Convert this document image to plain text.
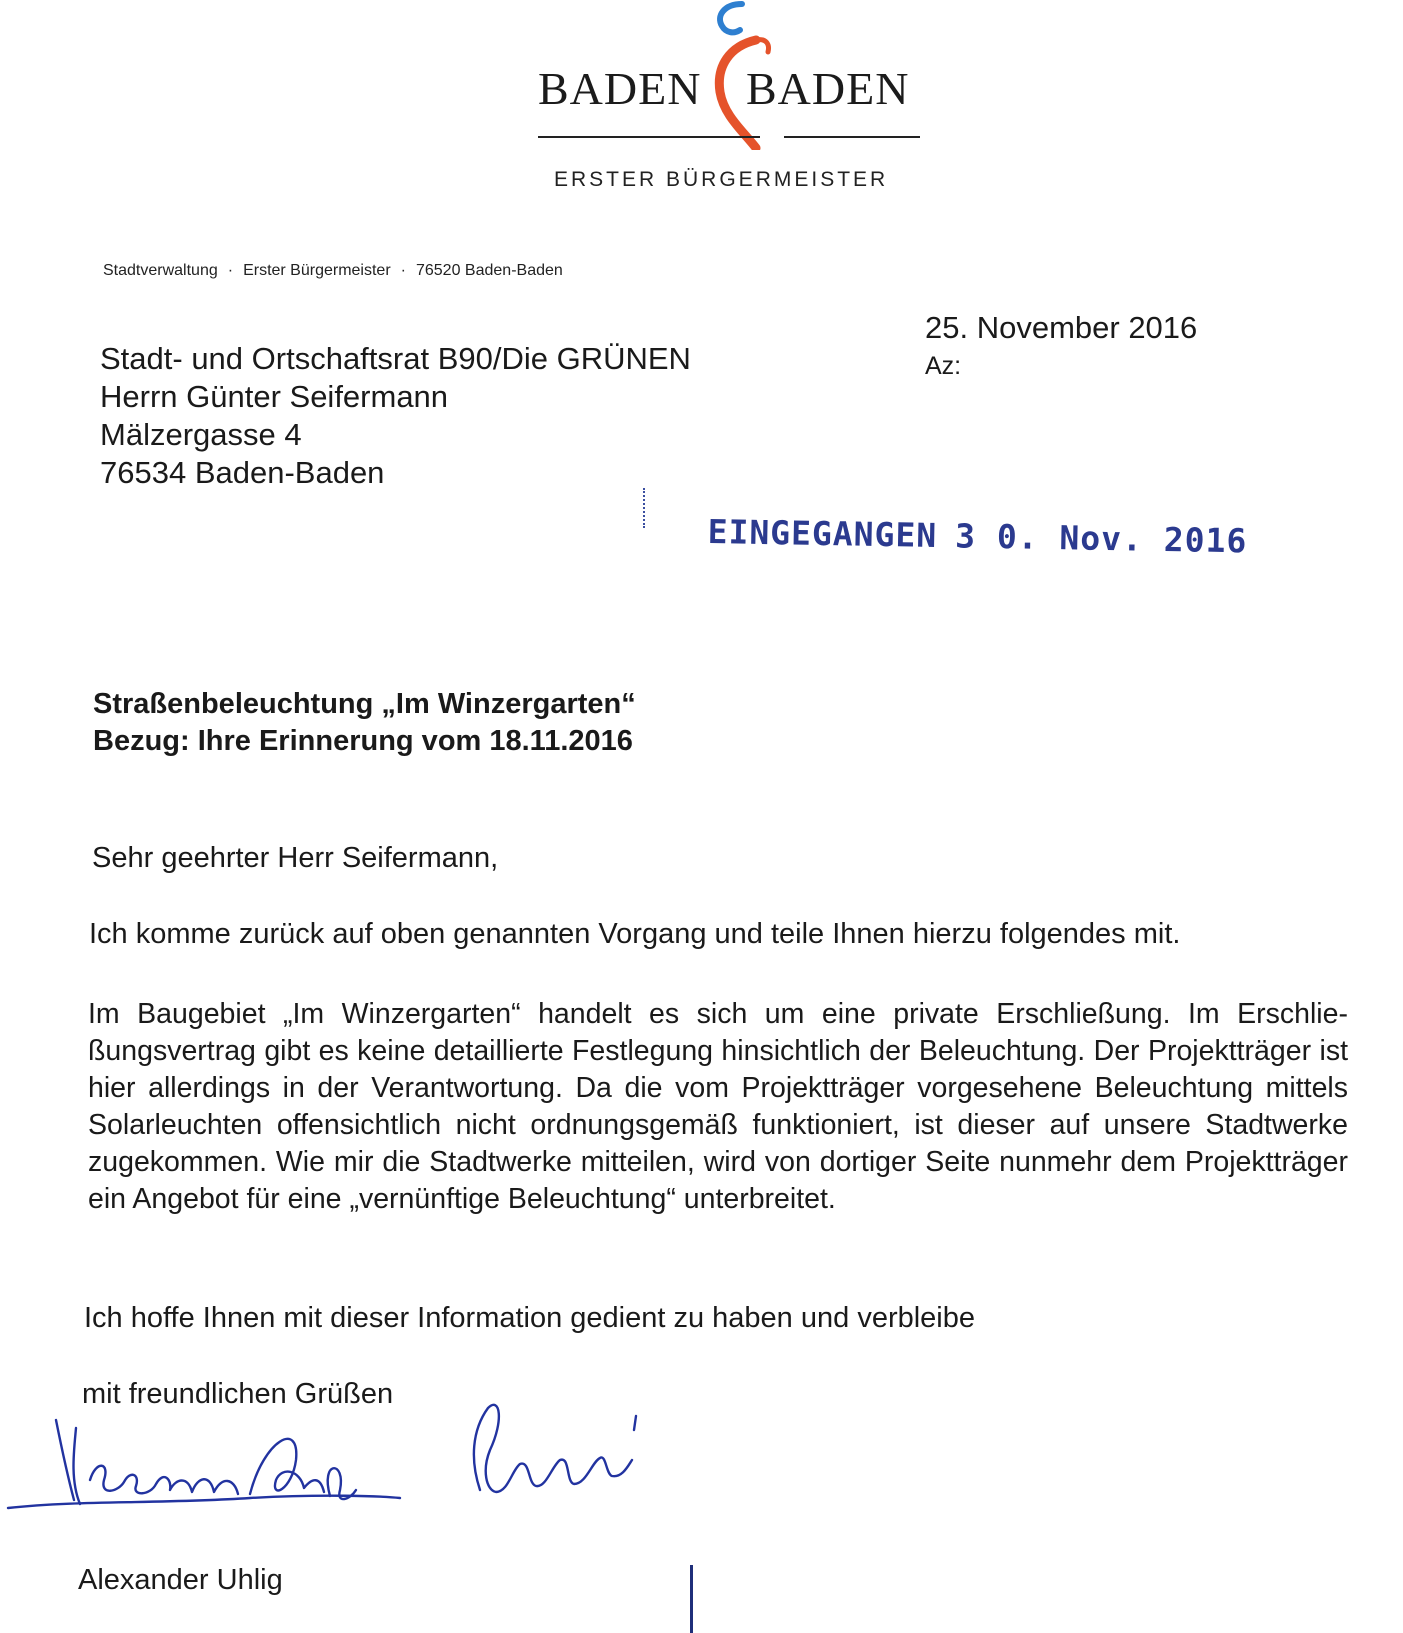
BADEN BADEN
ERSTER BÜRGERMEISTER
Stadtverwaltung · Erster Bürgermeister · 76520 Baden-Baden
25. November 2016
Az:
Stadt- und Ortschaftsrat B90/Die GRÜNEN
Herrn Günter Seifermann
Mälzergasse 4
76534 Baden-Baden
EINGEGANGEN 3 0. Nov. 2016
Straßenbeleuchtung „Im Winzergarten“
Bezug: Ihre Erinnerung vom 18.11.2016
Sehr geehrter Herr Seifermann,
Ich komme zurück auf oben genannten Vorgang und teile Ihnen hierzu folgendes mit.
Im Baugebiet „Im Winzergarten“ handelt es sich um eine private Erschließung. Im Erschließungsvertrag gibt es keine detaillierte Festlegung hinsichtlich der Beleuchtung. Der Projektträger ist hier allerdings in der Verantwortung. Da die vom Projektträger vorgesehene Beleuchtung mittels Solarleuchten offensichtlich nicht ordnungsgemäß funktioniert, ist dieser auf unsere Stadtwerke zugekommen. Wie mir die Stadtwerke mitteilen, wird von dortiger Seite nunmehr dem Projektträger ein Angebot für eine „vernünftige Beleuchtung“ unterbreitet.
Ich hoffe Ihnen mit dieser Information gedient zu haben und verbleibe
mit freundlichen Grüßen
Alexander Uhlig
